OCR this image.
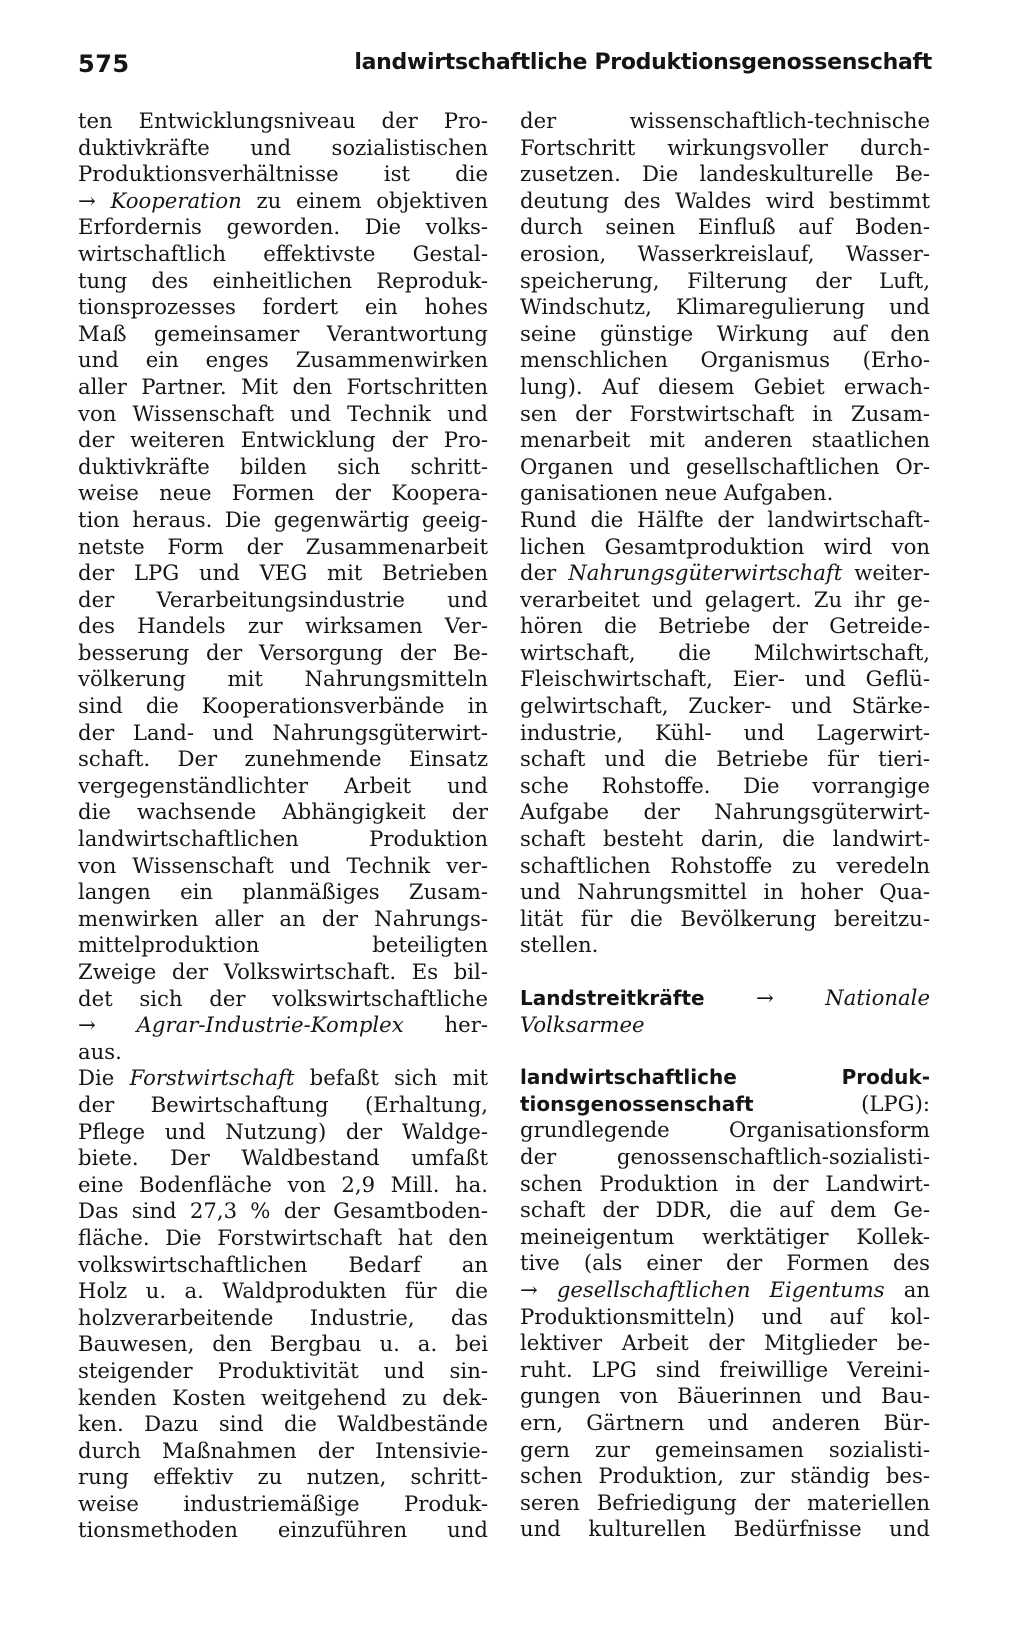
575	landwirtschaftliche Produktionsgenossenschaft
ten Entwicklungsniveau der Pro-
duktivkräfte und sozialistischen
Produktionsverhältnisse ist die
→ Kooperation zu einem objektiven
Erfordernis geworden. Die volks-
wirtschaftlich effektivste Gestal-
tung des einheitlichen Reproduk-
tionsprozesses fordert ein hohes
Maß gemeinsamer Verantwortung
und ein enges Zusammenwirken
aller Partner. Mit den Fortschritten
von Wissenschaft und Technik und
der weiteren Entwicklung der Pro-
duktivkräfte bilden sich schritt-
weise neue Formen der Koopera-
tion heraus. Die gegenwärtig geeig-
netste Form der Zusammenarbeit
der LPG und VEG mit Betrieben
der Verarbeitungsindustrie und
des Handels zur wirksamen Ver-
besserung der Versorgung der Be-
völkerung mit Nahrungsmitteln
sind die Kooperationsverbände in
der Land- und Nahrungsgüterwirt-
schaft. Der zunehmende Einsatz
vergegenständlichter Arbeit und
die wachsende Abhängigkeit der
landwirtschaftlichen Produktion
von Wissenschaft und Technik ver-
langen ein planmäßiges Zusam-
menwirken aller an der Nahrungs-
mittelproduktion beteiligten
Zweige der Volkswirtschaft. Es bil-
det sich der volkswirtschaftliche
→ Agrar-Industrie-Komplex her-
aus.
Die Forstwirtschaft befaßt sich mit
der Bewirtschaftung (Erhaltung,
Pflege und Nutzung) der Waldge-
biete. Der Waldbestand umfaßt
eine Bodenfläche von 2,9 Mill. ha.
Das sind 27,3 % der Gesamtboden-
fläche. Die Forstwirtschaft hat den
volkswirtschaftlichen Bedarf an
Holz u. a. Waldprodukten für die
holzverarbeitende Industrie, das
Bauwesen, den Bergbau u. a. bei
steigender Produktivität und sin-
kenden Kosten weitgehend zu dek-
ken. Dazu sind die Waldbestände
durch Maßnahmen der Intensivie-
rung effektiv zu nutzen, schritt-
weise industriemäßige Produk-
tionsmethoden einzuführen und
der wissenschaftlich-technische
Fortschritt wirkungsvoller durch-
zusetzen. Die landeskulturelle Be-
deutung des Waldes wird bestimmt
durch seinen Einfluß auf Boden-
erosion, Wasserkreislauf, Wasser-
speicherung, Filterung der Luft,
Windschutz, Klimaregulierung und
seine günstige Wirkung auf den
menschlichen Organismus (Erho-
lung). Auf diesem Gebiet erwach-
sen der Forstwirtschaft in Zusam-
menarbeit mit anderen staatlichen
Organen und gesellschaftlichen Or-
ganisationen neue Aufgaben.
Rund die Hälfte der landwirtschaft-
lichen Gesamtproduktion wird von
der Nahrungsgüterwirtschaft weiter-
verarbeitet und gelagert. Zu ihr ge-
hören die Betriebe der Getreide-
wirtschaft, die Milchwirtschaft,
Fleischwirtschaft, Eier- und Geflü-
gelwirtschaft, Zucker- und Stärke-
industrie, Kühl- und Lagerwirt-
schaft und die Betriebe für tieri-
sche Rohstoffe. Die vorrangige
Aufgabe der Nahrungsgüterwirt-
schaft besteht darin, die landwirt-
schaftlichen Rohstoffe zu veredeln
und Nahrungsmittel in hoher Qua-
lität für die Bevölkerung bereitzu-
stellen.
Landstreitkräfte → Nationale
Volksarmee
landwirtschaftliche	Produk-
tionsgenossenschaft	(LPG):
grundlegende Organisationsform
der genossenschaftlich-sozialisti-
schen Produktion in der Landwirt-
schaft der DDR, die auf dem Ge-
meineigentum werktätiger Kollek-
tive (als einer der Formen des
→ gesellschaftlichen Eigentums an
Produktionsmitteln) und auf kol-
lektiver Arbeit der Mitglieder be-
ruht. LPG sind freiwillige Vereini-
gungen von Bäuerinnen und Bau-
ern, Gärtnern und anderen Bür-
gern zur gemeinsamen sozialisti-
schen Produktion, zur ständig bes-
seren Befriedigung der materiellen
und kulturellen Bedürfnisse und
